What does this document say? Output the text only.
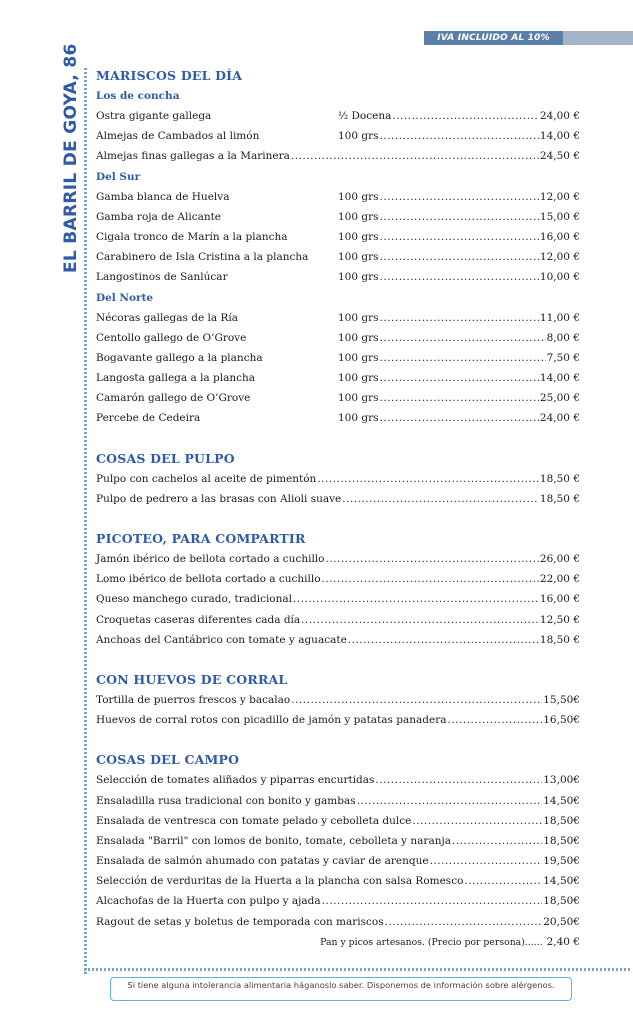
IVA INCLUIDO AL 10%
EL BARRIL DE GOYA, 86 MARISCOS DEL DÍA
Los de concha
Ostra gigante gallega	½ Docena .....	24,00 €
Almejas de Cambados al limón	100 grs .....	14,00 €
Almejas finas gallegas a la Marinera .....	24,50 €
Del Sur
Gamba blanca de Huelva	100 grs .....	12,00 €
Gamba roja de Alicante	100 grs .....	15,00 €
Cigala tronco de Marín a la plancha	100 grs .....	16,00 €
Carabinero de Isla Cristina a la plancha	100 grs .....	12,00 €
Langostinos de Sanlúcar	100 grs .....	10,00 €
Del Norte
Nécoras gallegas de la Ría	100 grs .....	11,00 €
Centollo gallego de O’Grove	100 grs .....	8,00 €
Bogavante gallego a la plancha	100 grs .....	7,50 €
Langosta gallega a la plancha	100 grs .....	14,00 €
Camarón gallego de O’Grove	100 grs .....	25,00 €
Percebe de Cedeira	100 grs .....	24,00 €
COSAS DEL PULPO
Pulpo con cachelos al aceite de pimentón .....	18,50 €
Pulpo de pedrero a las brasas con Alioli suave .....	18,50 €
PICOTEO, PARA COMPARTIR
Jamón ibérico de bellota cortado a cuchillo .....	26,00 €
Lomo ibérico de bellota cortado a cuchillo .....	22,00 €
Queso manchego curado, tradicional .....	16,00 €
Croquetas caseras diferentes cada día .....	12,50 €
Anchoas del Cantábrico con tomate y aguacate .....	18,50 €
CON HUEVOS DE CORRAL
Tortilla de puerros frescos y bacalao .....	15,50€
Huevos de corral rotos con picadillo de jamón y patatas panadera .....	16,50€
COSAS DEL CAMPO
Selección de tomates aliñados y piparras encurtidas .....	13,00€
Ensaladilla rusa tradicional con bonito y gambas .....	14,50€
Ensalada de ventresca con tomate pelado y cebolleta dulce .....	18,50€
Ensalada "Barril" con lomos de bonito, tomate, cebolleta y naranja .....	18,50€
Ensalada de salmón ahumado con patatas y caviar de arenque .....	19,50€
Selección de verduritas de la Huerta a la plancha con salsa Romesco .....	14,50€
Alcachofas de la Huerta con pulpo y ajada .....	18,50€
Ragout de setas y boletus de temporada con mariscos .....	20,50€
Pan y picos artesanos. (Precio por persona)...... 2,40 €
Si tiene alguna intolerancia alimentaria háganoslo saber. Disponemos de información sobre alérgenos.
